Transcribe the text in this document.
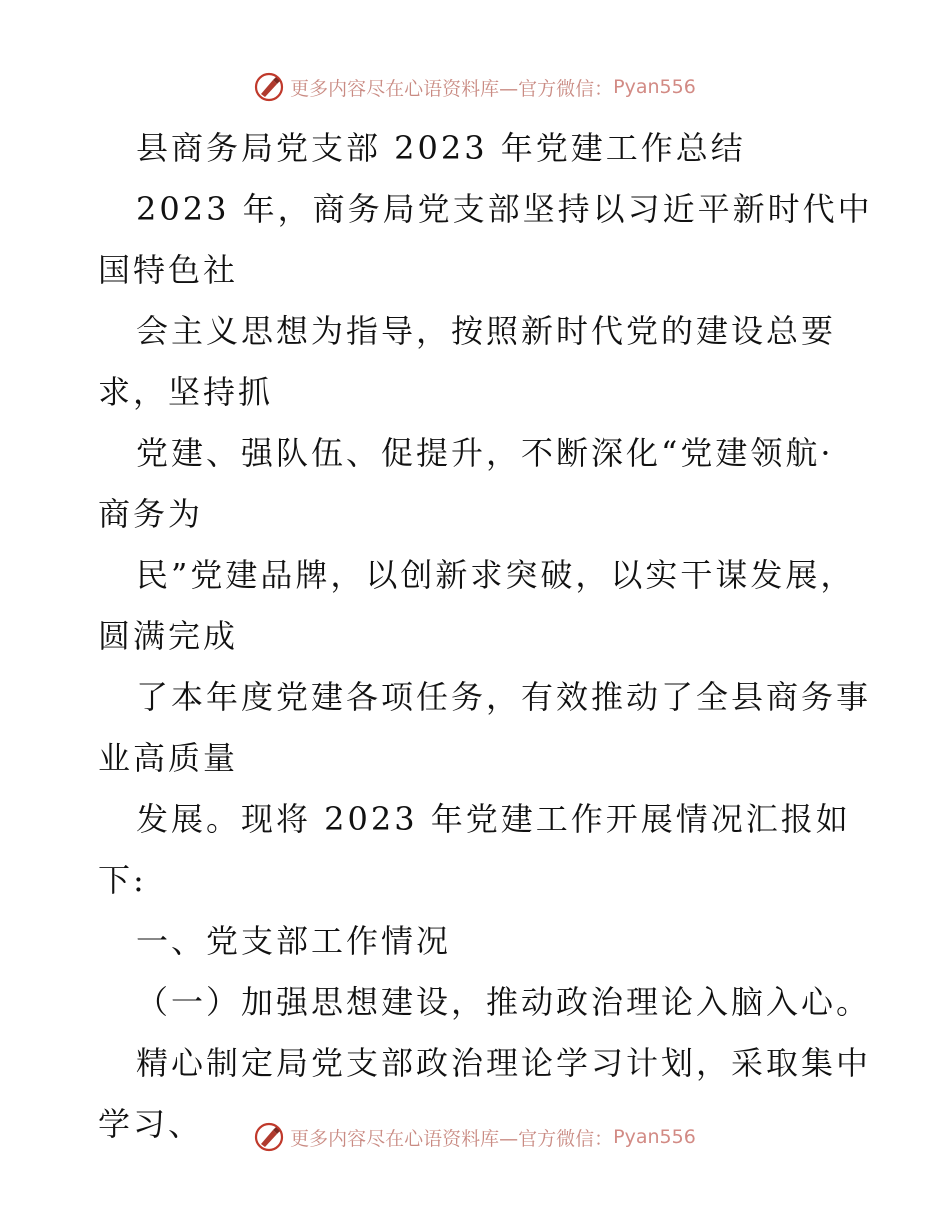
更多内容尽在心语资料库—官方微信： Pyan556
县商务局党支部 2023 年党建工作总结
2023 年，商务局党支部坚持以习近平新时代中
国特色社
会主义思想为指导，按照新时代党的建设总要
求，坚持抓
党建、强队伍、促提升，不断深化“党建领航·
商务为
民”党建品牌，以创新求突破，以实干谋发展，
圆满完成
了本年度党建各项任务，有效推动了全县商务事
业高质量
发展。现将 2023 年党建工作开展情况汇报如
下:
一、党支部工作情况
（一）加强思想建设，推动政治理论入脑入心。
精心制定局党支部政治理论学习计划，采取集中
学习、	更多内容尽在心语资料库—官方微信： Pyan556
